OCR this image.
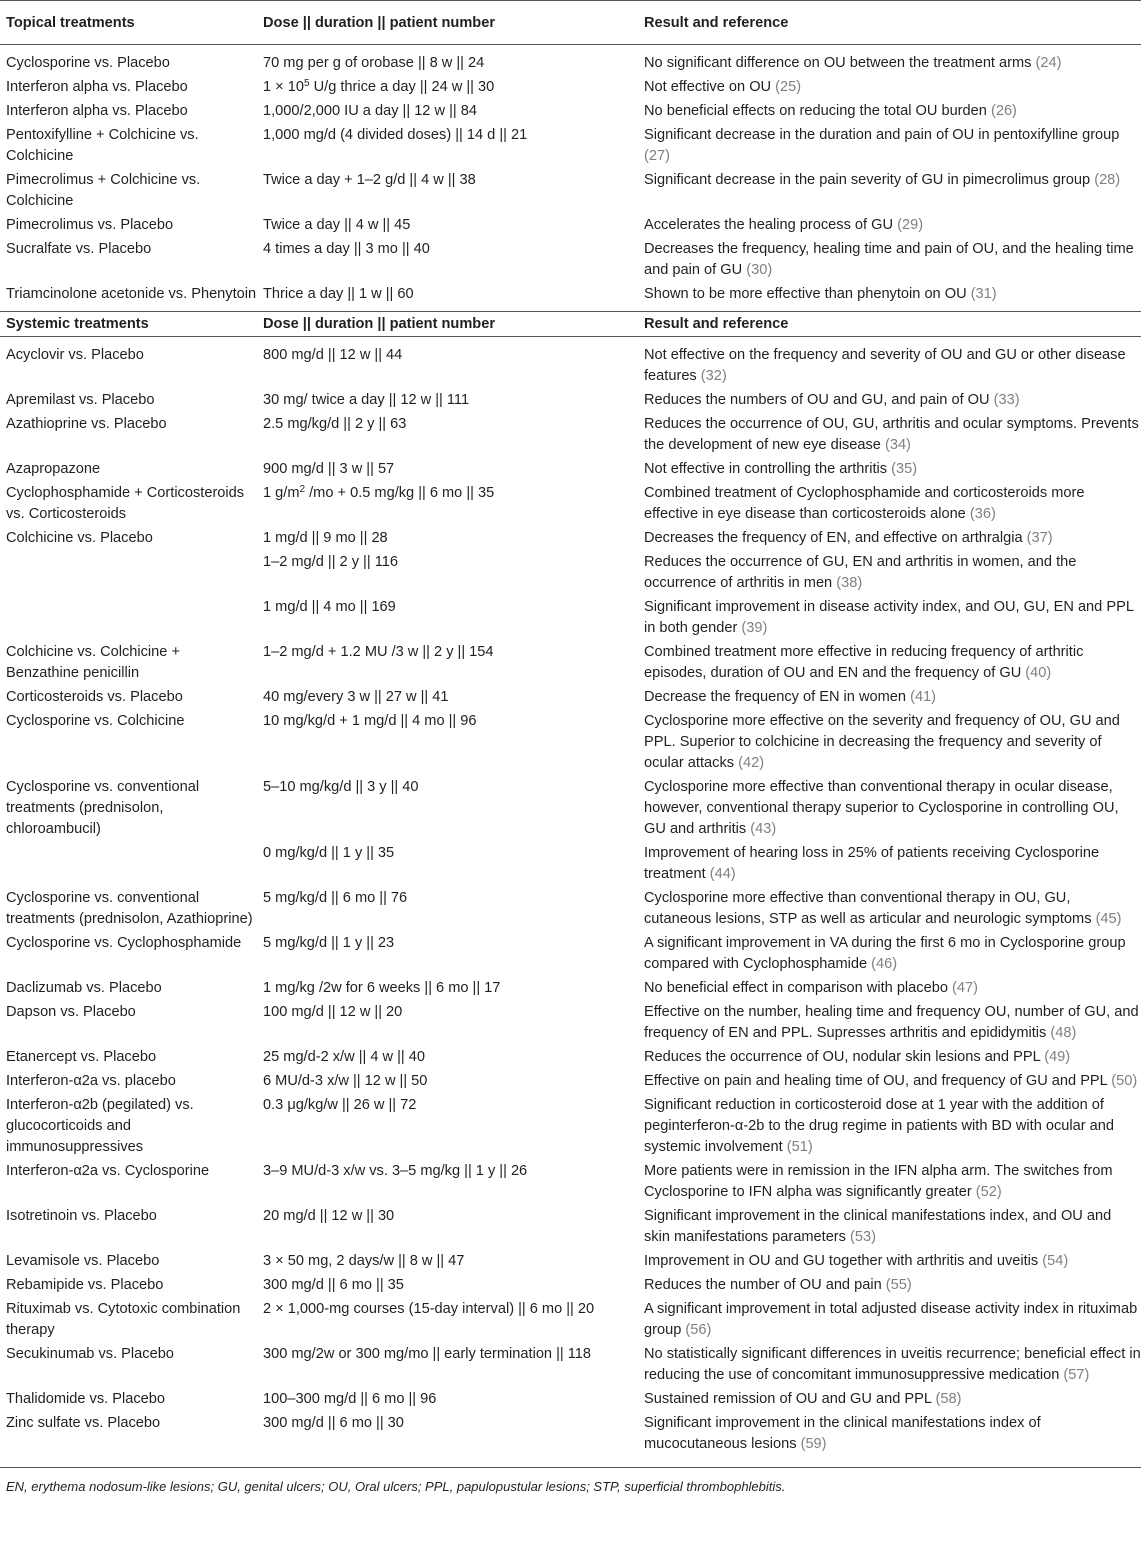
Topical treatments	Dose || duration || patient number	Result and reference
Cyclosporine vs. Placebo	70 mg per g of orobase || 8 w || 24	No significant difference on OU between the treatment arms (24)
Interferon alpha vs. Placebo	$1 \times 10^5$ U/g thrice a day || 24 w || 30	Not effective on OU (25)
Interferon alpha vs. Placebo	1,000/2,000 IU a day || 12 w || 84	No beneficial effects on reducing the total OU burden (26)
Pentoxifylline + Colchicine vs. Colchicine	1,000 mg/d (4 divided doses) || 14 d || 21	Significant decrease in the duration and pain of OU in pentoxifylline group (27)
Pimecrolimus + Colchicine vs. Colchicine	Twice a day + 1–2 g/d || 4 w || 38	Significant decrease in the pain severity of GU in pimecrolimus group (28)
Pimecrolimus vs. Placebo	Twice a day || 4 w || 45	Accelerates the healing process of GU (29)
Sucralfate vs. Placebo	4 times a day || 3 mo || 40	Decreases the frequency, healing time and pain of OU, and the healing time and pain of GU (30)
Triamcinolone acetonide vs. Phenytoin	Thrice a day || 1 w || 60	Shown to be more effective than phenytoin on OU (31)
Systemic treatments	Dose || duration || patient number	Result and reference
Acyclovir vs. Placebo	800 mg/d || 12 w || 44	Not effective on the frequency and severity of OU and GU or other disease features (32)
Apremilast vs. Placebo	30 mg/ twice a day || 12 w || 111	Reduces the numbers of OU and GU, and pain of OU (33)
Azathioprine vs. Placebo	2.5 mg/kg/d || 2 y || 63	Reduces the occurrence of OU, GU, arthritis and ocular symptoms. Prevents the development of new eye disease (34)
Azapropazone	900 mg/d || 3 w || 57	Not effective in controlling the arthritis (35)
Cyclophosphamide + Corticosteroids vs. Corticosteroids	1 $g/m^2$ /mo + 0.5 mg/kg || 6 mo || 35	Combined treatment of Cyclophosphamide and corticosteroids more effective in eye disease than corticosteroids alone (36)
Colchicine vs. Placebo	1 mg/d || 9 mo || 28	Decreases the frequency of EN, and effective on arthralgia (37)
	1–2 mg/d || 2 y || 116	Reduces the occurrence of GU, EN and arthritis in women, and the occurrence of arthritis in men (38)
	1 mg/d || 4 mo || 169	Significant improvement in disease activity index, and OU, GU, EN and PPL in both gender (39)
Colchicine vs. Colchicine + Benzathine penicillin	1–2 mg/d + 1.2 MU /3 w || 2 y || 154	Combined treatment more effective in reducing frequency of arthritic episodes, duration of OU and EN and the frequency of GU (40)
Corticosteroids vs. Placebo	40 mg/every 3 w || 27 w || 41	Decrease the frequency of EN in women (41)
Cyclosporine vs. Colchicine	10 mg/kg/d + 1 mg/d || 4 mo || 96	Cyclosporine more effective on the severity and frequency of OU, GU and PPL. Superior to colchicine in decreasing the frequency and severity of ocular attacks (42)
Cyclosporine vs. conventional treatments (prednisolon, chloroambucil)	5–10 mg/kg/d || 3 y || 40	Cyclosporine more effective than conventional therapy in ocular disease, however, conventional therapy superior to Cyclosporine in controlling OU, GU and arthritis (43)
	0 mg/kg/d || 1 y || 35	Improvement of hearing loss in 25% of patients receiving Cyclosporine treatment (44)
Cyclosporine vs. conventional treatments (prednisolon, Azathioprine)	5 mg/kg/d || 6 mo || 76	Cyclosporine more effective than conventional therapy in OU, GU, cutaneous lesions, STP as well as articular and neurologic symptoms (45)
Cyclosporine vs. Cyclophosphamide	5 mg/kg/d || 1 y || 23	A significant improvement in VA during the first 6 mo in Cyclosporine group compared with Cyclophosphamide (46)
Daclizumab vs. Placebo	1 mg/kg /2w for 6 weeks || 6 mo || 17	No beneficial effect in comparison with placebo (47)
Dapson vs. Placebo	100 mg/d || 12 w || 20	Effective on the number, healing time and frequency OU, number of GU, and frequency of EN and PPL. Supresses arthritis and epididymitis (48)
Etanercept vs. Placebo	25 mg/d-2 x/w || 4 w || 40	Reduces the occurrence of OU, nodular skin lesions and PPL (49)
Interferon-α2a vs. placebo	6 MU/d-3 x/w || 12 w || 50	Effective on pain and healing time of OU, and frequency of GU and PPL (50)
Interferon-α2b (pegilated) vs. glucocorticoids and immunosuppressives	0.3 μg/kg/w || 26 w || 72	Significant reduction in corticosteroid dose at 1 year with the addition of peginterferon-α-2b to the drug regime in patients with BD with ocular and systemic involvement (51)
Interferon-α2a vs. Cyclosporine	3–9 MU/d-3 x/w vs. 3–5 mg/kg || 1 y || 26	More patients were in remission in the IFN alpha arm. The switches from Cyclosporine to IFN alpha was significantly greater (52)
Isotretinoin vs. Placebo	20 mg/d || 12 w || 30	Significant improvement in the clinical manifestations index, and OU and skin manifestations parameters (53)
Levamisole vs. Placebo	3 × 50 mg, 2 days/w || 8 w || 47	Improvement in OU and GU together with arthritis and uveitis (54)
Rebamipide vs. Placebo	300 mg/d || 6 mo || 35	Reduces the number of OU and pain (55)
Rituximab vs. Cytotoxic combination therapy	2 × 1,000-mg courses (15-day interval) || 6 mo || 20	A significant improvement in total adjusted disease activity index in rituximab group (56)
Secukinumab vs. Placebo	300 mg/2w or 300 mg/mo || early termination || 118	No statistically significant differences in uveitis recurrence; beneficial effect in reducing the use of concomitant immunosuppressive medication (57)
Thalidomide vs. Placebo	100–300 mg/d || 6 mo || 96	Sustained remission of OU and GU and PPL (58)
Zinc sulfate vs. Placebo	300 mg/d || 6 mo || 30	Significant improvement in the clinical manifestations index of mucocutaneous lesions (59)
EN, erythema nodosum-like lesions; GU, genital ulcers; OU, Oral ulcers; PPL, papulopustular lesions; STP, superficial thrombophlebitis.
